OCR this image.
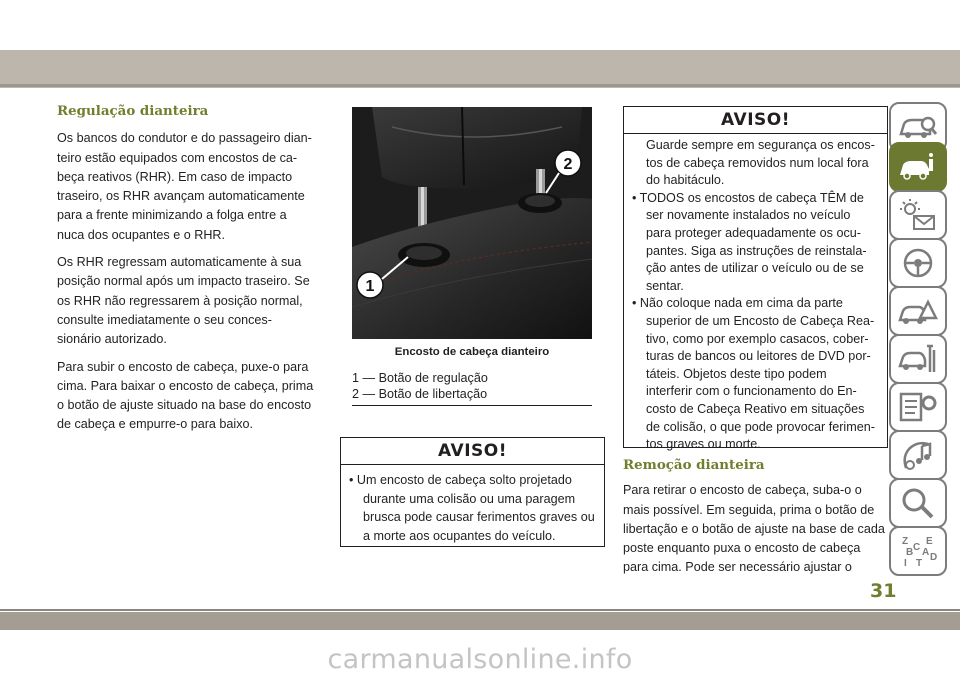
Regulação dianteira
Os bancos do condutor e do passageiro dian-
teiro estão equipados com encostos de ca-
beça reativos (RHR). Em caso de impacto
traseiro, os RHR avançam automaticamente
para a frente minimizando a folga entre a
nuca dos ocupantes e o RHR.
Os RHR regressam automaticamente à sua
posição normal após um impacto traseiro. Se
os RHR não regressarem à posição normal,
consulte imediatamente o seu conces-
sionário autorizado.
Para subir o encosto de cabeça, puxe-o para
cima. Para baixar o encosto de cabeça, prima
o botão de ajuste situado na base do encosto
de cabeça e empurre-o para baixo.
1
2
Encosto de cabeça dianteiro
1 — Botão de regulação
2 — Botão de libertação
AVISO!
• Um encosto de cabeça solto projetado
durante uma colisão ou uma paragem
brusca pode causar ferimentos graves ou
a morte aos ocupantes do veículo.
AVISO!
Guarde sempre em segurança os encos-
tos de cabeça removidos num local fora
do habitáculo.
• TODOS os encostos de cabeça TÊM de
ser novamente instalados no veículo
para proteger adequadamente os ocu-
pantes. Siga as instruções de reinstala-
ção antes de utilizar o veículo ou de se
sentar.
• Não coloque nada em cima da parte
superior de um Encosto de Cabeça Rea-
tivo, como por exemplo casacos, cober-
turas de bancos ou leitores de DVD por-
táteis. Objetos deste tipo podem
interferir com o funcionamento do En-
costo de Cabeça Reativo em situações
de colisão, o que pode provocar ferimen-
tos graves ou morte.
Remoção dianteira
Para retirar o encosto de cabeça, suba-o o
mais possível. Em seguida, prima o botão de
libertação e o botão de ajuste na base de cada
poste enquanto puxa o encosto de cabeça
para cima. Pode ser necessário ajustar o
Z E
B A
C
D
I T
31
carmanualsonline.info
